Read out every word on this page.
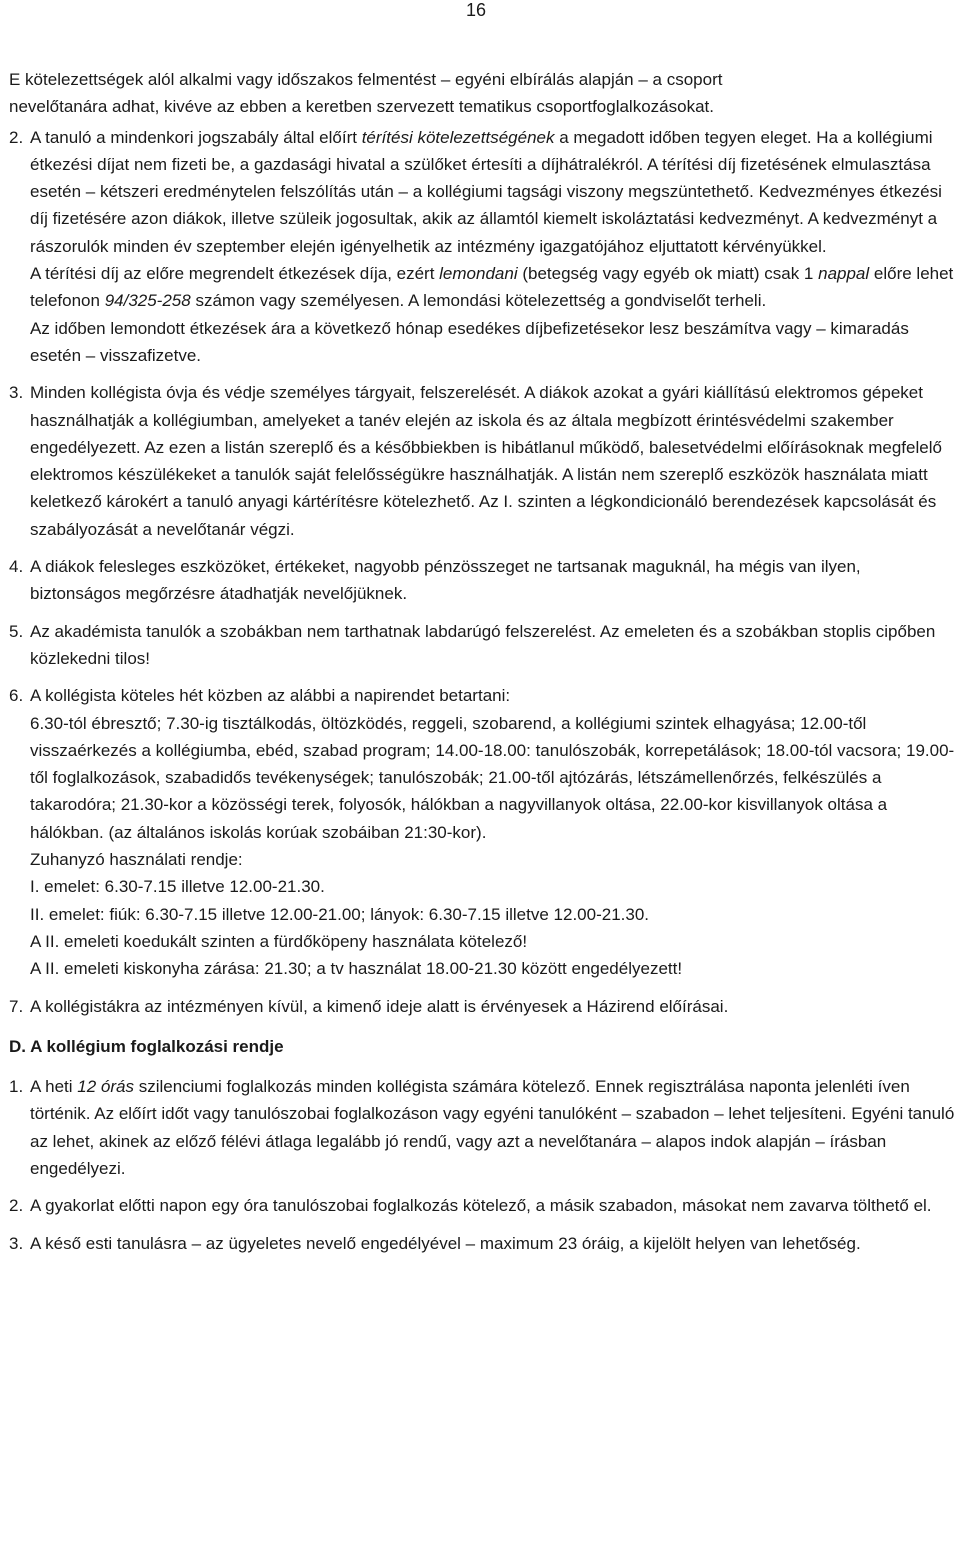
16

E kötelezettségek alól alkalmi vagy időszakos felmentést – egyéni elbírálás alapján – a csoport
nevelőtanára adhat, kivéve az ebben a keretben szervezett tematikus csoportfoglalkozásokat.

2. A tanuló a mindenkori jogszabály által előírt térítési kötelezettségének a megadott időben tegyen eleget. Ha a kollégiumi étkezési díjat nem fizeti be, a gazdasági hivatal a szülőket értesíti a díjhátralékról. A térítési díj fizetésének elmulasztása esetén – kétszeri eredménytelen felszólítás után – a kollégiumi tagsági viszony megszüntethető. Kedvezményes étkezési díj fizetésére azon diákok, illetve szüleik jogosultak, akik az államtól kiemelt iskoláztatási kedvezményt. A kedvezményt a rászorulók minden év szeptember elején igényelhetik az intézmény igazgatójához eljuttatott kérvényükkel.

A térítési díj az előre megrendelt étkezések díja, ezért lemondani (betegség vagy egyéb ok miatt) csak 1 nappal előre lehet telefonon 94/325-258 számon vagy személyesen. A lemondási kötelezettség a gondviselőt terheli.

Az időben lemondott étkezések ára a következő hónap esedékes díjbefizetésekor lesz beszámítva vagy – kimaradás esetén – visszafizetve.

3. Minden kollégista óvja és védje személyes tárgyait, felszerelését. A diákok azokat a gyári kiállítású elektromos gépeket használhatják a kollégiumban, amelyeket a tanév elején az iskola és az általa megbízott érintésvédelmi szakember engedélyezett. Az ezen a listán szereplő és a későbbiekben is hibátlanul működő, balesetvédelmi előírásoknak megfelelő elektromos készülékeket a tanulók saját felelősségükre használhatják. A listán nem szereplő eszközök használata miatt keletkező károkért a tanuló anyagi kártérítésre kötelezhető. Az I. szinten a légkondicionáló berendezések kapcsolását és szabályozását a nevelőtanár végzi.

4. A diákok felesleges eszközöket, értékeket, nagyobb pénzösszeget ne tartsanak maguknál, ha mégis van ilyen, biztonságos megőrzésre átadhatják nevelőjüknek.

5. Az akadémista tanulók a szobákban nem tarthatnak labdarúgó felszerelést. Az emeleten és a szobákban stoplis cipőben közlekedni tilos!

6. A kollégista köteles hét közben az alábbi a napirendet betartani:

6.30-tól ébresztő; 7.30-ig tisztálkodás, öltözködés, reggeli, szobarend, a kollégiumi szintek elhagyása; 12.00-től visszaérkezés a kollégiumba, ebéd, szabad program; 14.00-18.00: tanulószobák, korrepetálások; 18.00-tól vacsora; 19.00-től foglalkozások, szabadidős tevékenységek; tanulószobák; 21.00-től ajtózárás, létszámellenőrzés, felkészülés a takarodóra; 21.30-kor a közösségi terek, folyosók, hálókban a nagyvillanyok oltása, 22.00-kor kisvillanyok oltása a hálókban. (az általános iskolás korúak szobáiban 21:30-kor).

Zuhanyzó használati rendje:

I. emelet: 6.30-7.15 illetve 12.00-21.30.

II. emelet: fiúk: 6.30-7.15 illetve 12.00-21.00; lányok: 6.30-7.15 illetve 12.00-21.30.

A II. emeleti koedukált szinten a fürdőköpeny használata kötelező!

A II. emeleti kiskonyha zárása: 21.30; a tv használat 18.00-21.30 között engedélyezett!

7. A kollégistákra az intézményen kívül, a kimenő ideje alatt is érvényesek a Házirend előírásai.

D. A kollégium foglalkozási rendje

1. A heti 12 órás szilenciumi foglalkozás minden kollégista számára kötelező. Ennek regisztrálása naponta jelenléti íven történik. Az előírt időt vagy tanulószobai foglalkozáson vagy egyéni tanulóként – szabadon – lehet teljesíteni. Egyéni tanuló az lehet, akinek az előző félévi átlaga legalább jó rendű, vagy azt a nevelőtanára – alapos indok alapján – írásban engedélyezi.

2. A gyakorlat előtti napon egy óra tanulószobai foglalkozás kötelező, a másik szabadon, másokat nem zavarva tölthető el.

3. A késő esti tanulásra – az ügyeletes nevelő engedélyével – maximum 23 óráig, a kijelölt helyen van lehetőség.
